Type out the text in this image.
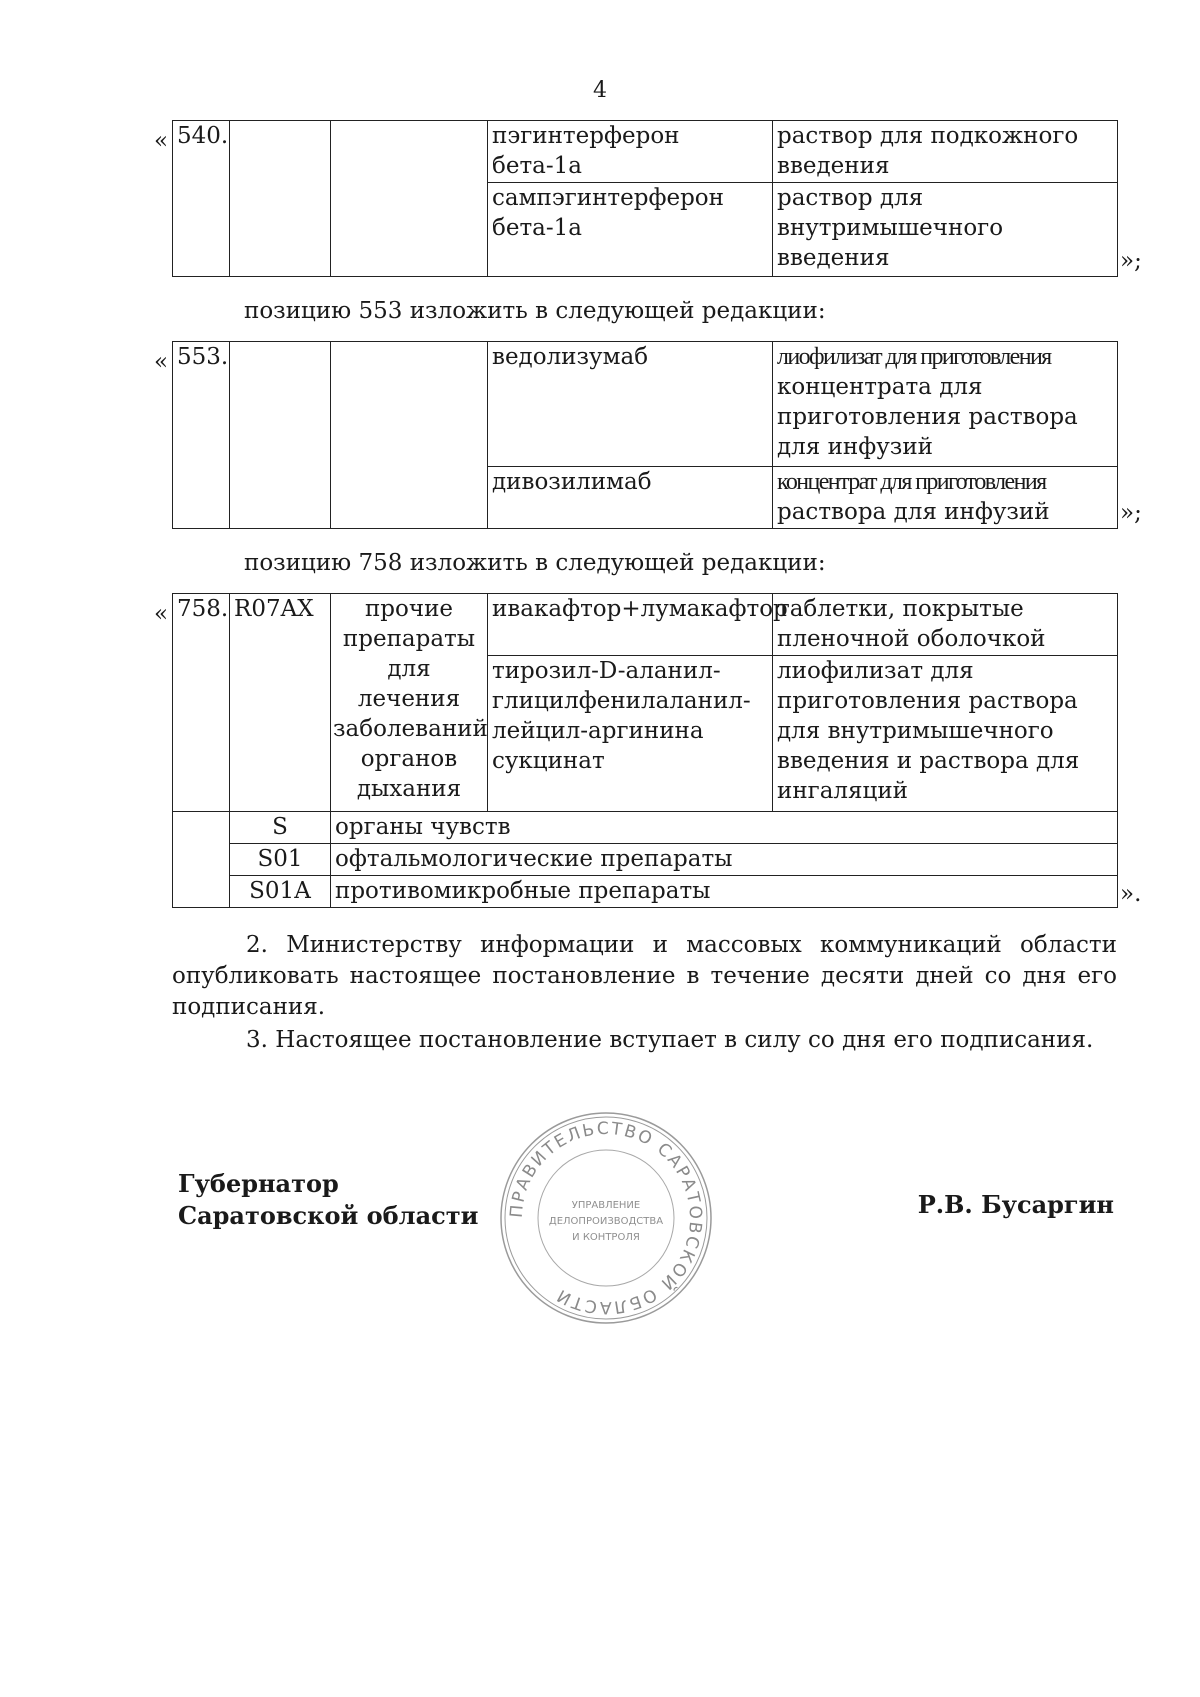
4
« 540.			пэгинтерферон бета-1a	раствор для подкожного введения
			сампэгинтерферон бета-1a	раствор для внутримышечного введения	»;
позицию 553 изложить в следующей редакции:
« 553.			ведолизумаб	лиофилизат для приготовления
концентрата для приготовления раствора для инфузий

			дивозилимаб	концентрат для приготовления
раствора для инфузий	»;
позицию 758 изложить в следующей редакции:
« 758.	R07AX	прочие препараты для лечения заболеваний органов дыхания	ивакафтор+лумакафтор	таблетки, покрытые пленочной оболочкой
			тирозил-D-аланил-глицилфенилаланил-лейцил-аргинина сукцинат	лиофилизат для приготовления раствора для внутримышечного введения и раствора для ингаляций
	S	органы чувств		
	S01	офтальмологические препараты		
	S01A	противомикробные препараты			».

2. Министерству информации и массовых коммуникаций области опубликовать настоящее постановление в течение десяти дней со дня его подписания.

3. Настоящее постановление вступает в силу со дня его подписания.

Губернатор
Саратовской области ПРАВИТЕЛЬСТВО САРАТОВСКОЙ ОБЛАСТИ
УПРАВЛЕНИЕ
ДЕЛОПРОИЗВОДСТВА
И КОНТРОЛЯ
Р.В. Бусаргин
